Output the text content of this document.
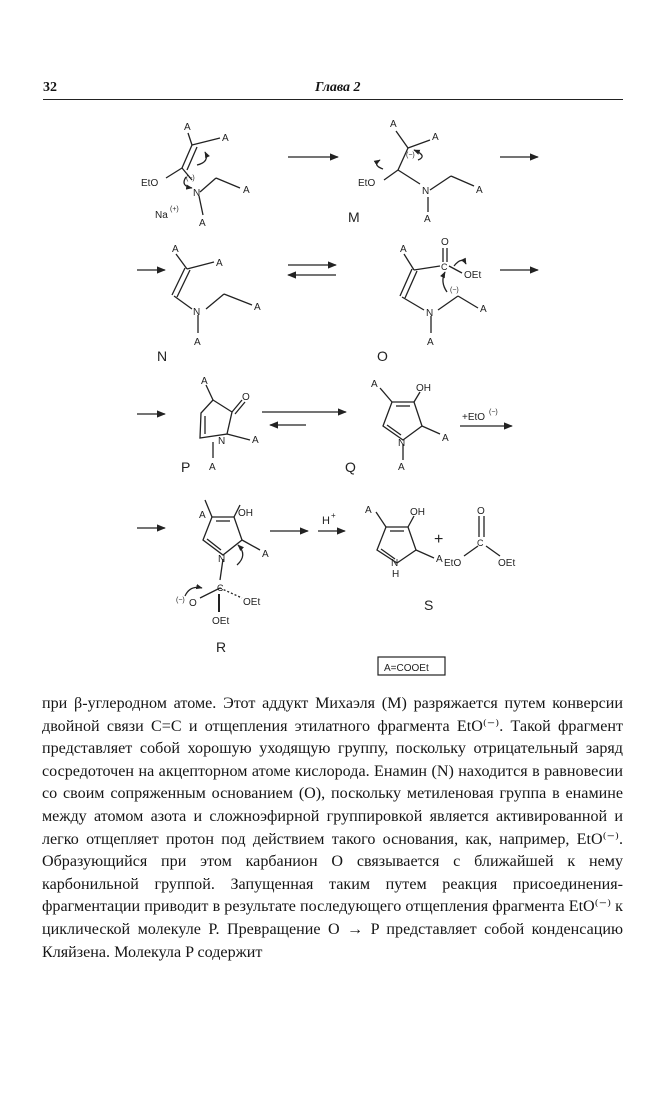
32	Глава 2
A
A
EtO	(−)
N	A
A
Na
(+)
A
A
(−)
EtO
N	A
A
M
A
A
N	A
A
N
A
O
C
OEt
(−)
N	A
A
O
A
O
N	A
A
P
A	OH
N	A
A
Q
+EtO (−)
A	OH
N	A
C
(−) O	OEt
OEt
R
H +	A	OH
N
H
A
+
O
C
EtO	OEt
S
A=COOEt

при β-углеродном атоме. Этот аддукт Михаэля (M) разряжается путем конверсии двойной связи C=C и отщепления этилатного фрагмента EtO⁽⁻⁾. Такой фрагмент представляет собой хорошую уходящую группу, поскольку отрицательный заряд сосредоточен на акцепторном атоме кислорода. Енамин (N) находится в равновесии со своим сопряженным основанием (O), поскольку метиленовая группа в енамине между атомом азота и сложноэфирной группировкой является активированной и легко отщепляет протон под действием такого основания, как, например, EtO⁽⁻⁾. Образующийся при этом карбанион O связывается с ближайшей к нему карбонильной группой. Запущенная таким путем реакция присоединения-фрагментации приводит в результате последующего отщепления фрагмента EtO⁽⁻⁾ к циклической молекуле P. Превращение O → P представляет собой конденсацию Кляйзена. Молекула P содержит
